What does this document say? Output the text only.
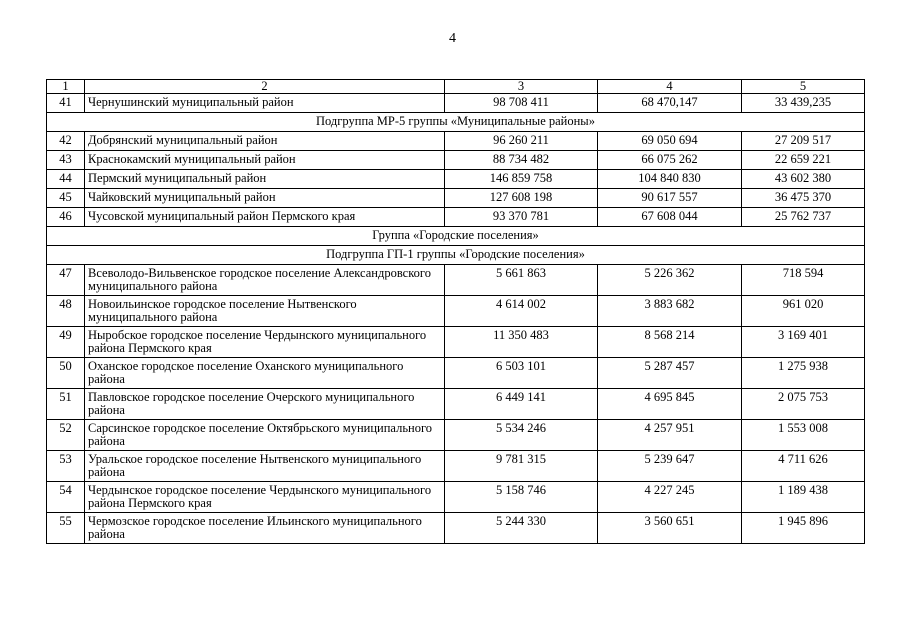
4
1	2	3	4	5
41	Чернушинский муниципальный район	98 708 411	68 470,147	33 439,235
Подгруппа МР-5 группы «Муниципальные районы»				
42	Добрянский муниципальный район	96 260 211	69 050 694	27 209 517
43	Краснокамский муниципальный район	88 734 482	66 075 262	22 659 221
44	Пермский муниципальный район	146 859 758	104 840 830	43 602 380
45	Чайковский муниципальный район	127 608 198	90 617 557	36 475 370
46	Чусовской муниципальный район Пермского края	93 370 781	67 608 044	25 762 737
Группа «Городские поселения»				
Подгруппа ГП-1 группы «Городские поселения»				
47	Всеволодо-Вильвенское городское поселение Александровского муниципального района	5 661 863	5 226 362	718 594
48	Новоильинское городское поселение Нытвенского муниципального района	4 614 002	3 883 682	961 020
49	Ныробское городское поселение Чердынского муниципального района Пермского края	11 350 483	8 568 214	3 169 401
50	Оханское городское поселение Оханского муниципального района	6 503 101	5 287 457	1 275 938
51	Павловское городское поселение Очерского муниципального района	6 449 141	4 695 845	2 075 753
52	Сарсинское городское поселение Октябрьского муниципального района	5 534 246	4 257 951	1 553 008
53	Уральское городское поселение Нытвенского муниципального района	9 781 315	5 239 647	4 711 626
54	Чердынское городское поселение Чердынского муниципального района Пермского края	5 158 746	4 227 245	1 189 438
55	Чермозское городское поселение Ильинского муниципального района	5 244 330	3 560 651	1 945 896
